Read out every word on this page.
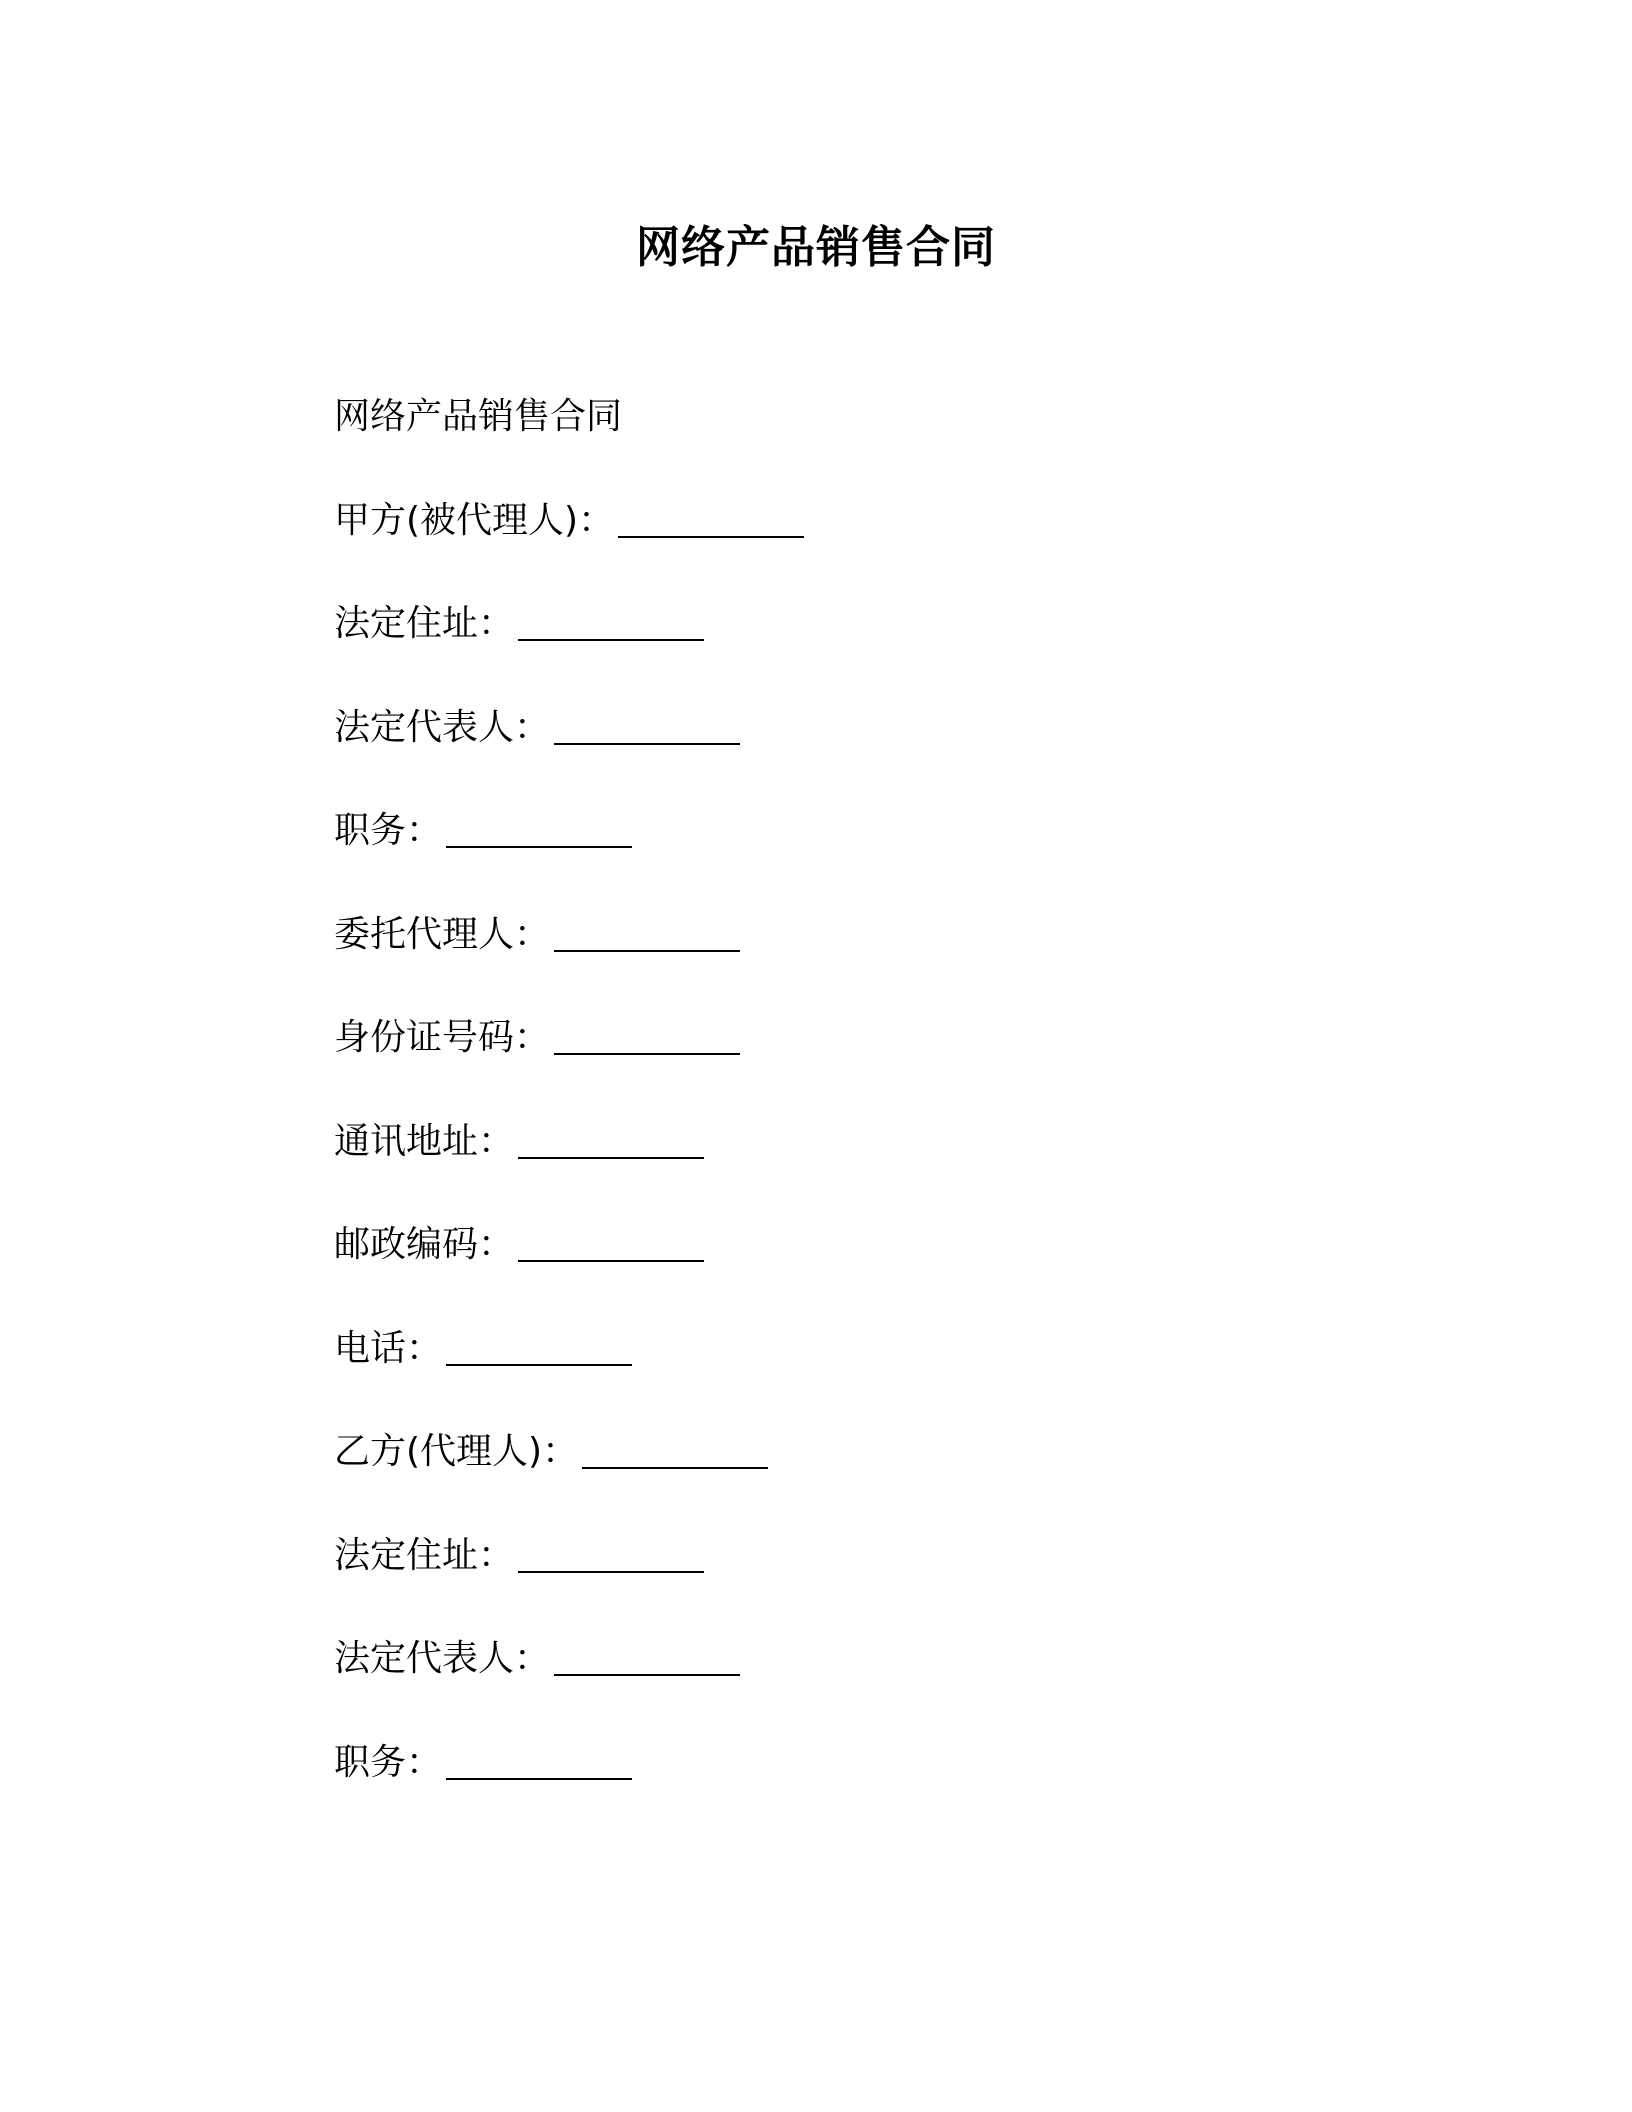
网络产品销售合同

网络产品销售合同

甲方(被代理人)：
法定住址：
法定代表人：
职务：
委托代理人：
身份证号码：
通讯地址：
邮政编码：
电话：
乙方(代理人)：
法定住址：
法定代表人：
职务：
